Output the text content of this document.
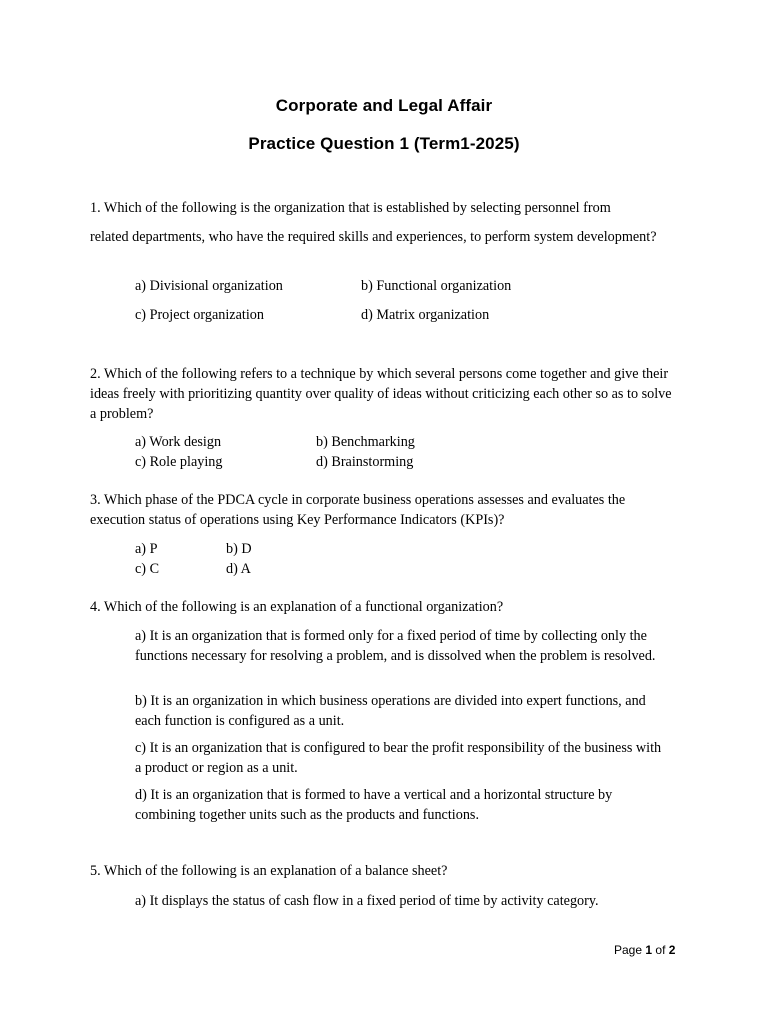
Corporate and Legal Affair
Practice Question 1 (Term1-2025)
1. Which of the following is the organization that is established by selecting personnel from
related departments, who have the required skills and experiences, to perform system development?
a) Divisional organization	b) Functional organization
c) Project organization	d) Matrix organization
2. Which of the following refers to a technique by which several persons come together and give their ideas freely with prioritizing quantity over quality of ideas without criticizing each other so as to solve a problem?
a) Work design	b) Benchmarking
c) Role playing	d) Brainstorming
3. Which phase of the PDCA cycle in corporate business operations assesses and evaluates the execution status of operations using Key Performance Indicators (KPIs)?
a) P	b) D
c) C	d) A
4. Which of the following is an explanation of a functional organization?
a) It is an organization that is formed only for a fixed period of time by collecting only the functions necessary for resolving a problem, and is dissolved when the problem is resolved.
b) It is an organization in which business operations are divided into expert functions, and each function is configured as a unit.
c) It is an organization that is configured to bear the profit responsibility of the business with a product or region as a unit.
d) It is an organization that is formed to have a vertical and a horizontal structure by combining together units such as the products and functions.
5. Which of the following is an explanation of a balance sheet?
a) It displays the status of cash flow in a fixed period of time by activity category.
Page 1 of 2
